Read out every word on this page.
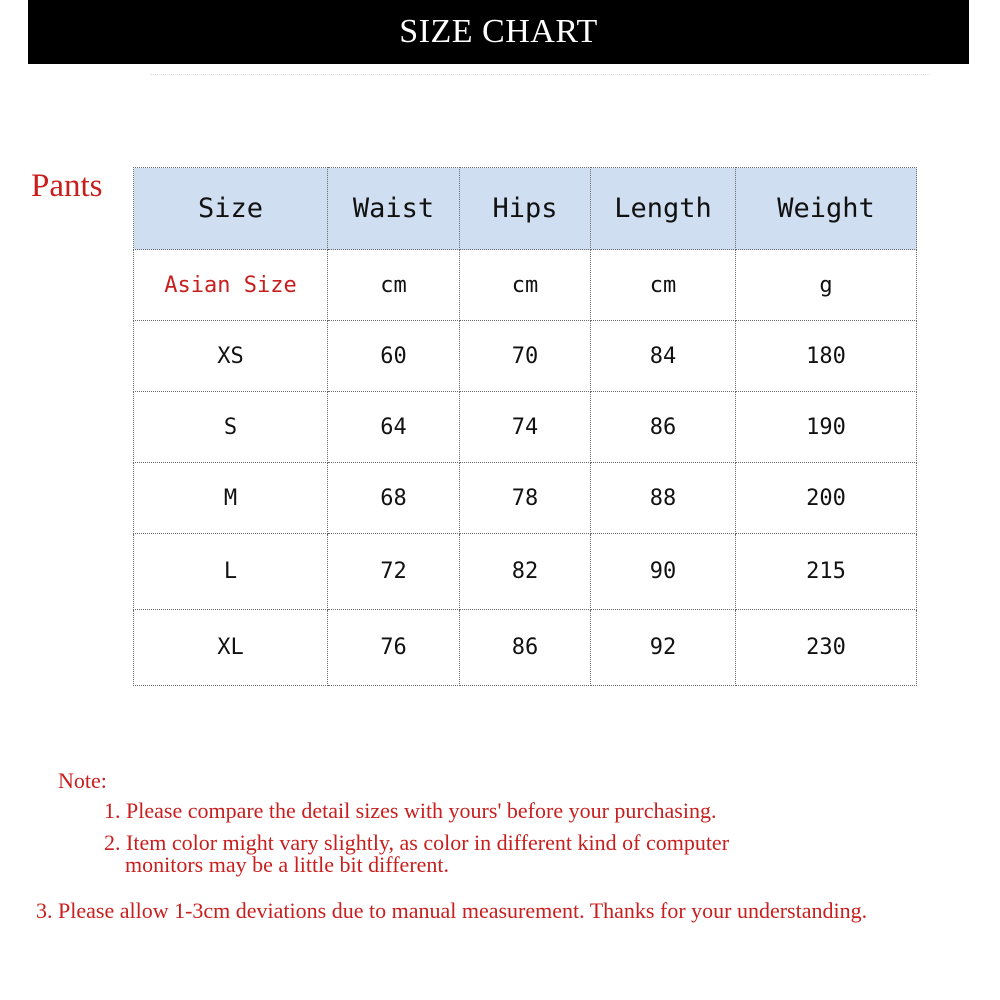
SIZE CHART
Pants
Size	Waist	Hips	Length	Weight
Asian Size	cm	cm	cm	g
XS	60	70	84	180
S	64	74	86	190
M	68	78	88	200
L	72	82	90	215
XL	76	86	92	230
Note:
1. Please compare the detail sizes with yours' before your purchasing.
2. Item color might vary slightly, as color in different kind of computer
monitors may be a little bit different.
3. Please allow 1-3cm deviations due to manual measurement. Thanks for your understanding.
